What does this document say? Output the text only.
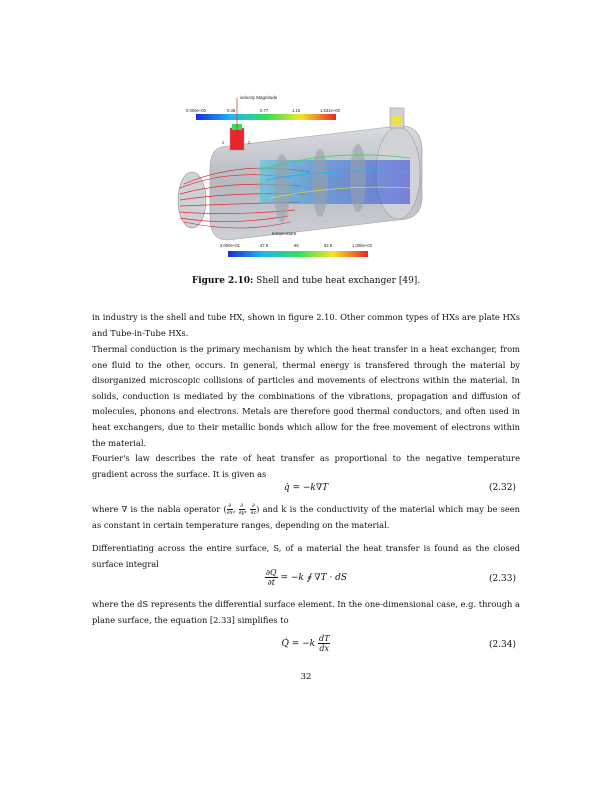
velocity Magnitude
0.000e+00	0.38	0.77	1.15	1.531e+00
x	z
temperature
3.000e+01	47.5	65	82.5	1.000e+02
Figure 2.10: Shell and tube heat exchanger [49].

in industry is the shell and tube HX, shown in figure 2.10. Other common types of HXs are plate HXs and Tube-in-Tube HXs.

Thermal conduction is the primary mechanism by which the heat transfer in a heat exchanger, from one fluid to the other, occurs. In general, thermal energy is transfered through the material by disorganized microscopic collisions of particles and movements of electrons within the material. In solids, conduction is mediated by the combinations of the vibrations, propagation and diffusion of molecules, phonons and electrons. Metals are therefore good thermal conductors, and often used in heat exchangers, due to their metallic bonds which allow for the free movement of electrons within the material.

Fourier's law describes the rate of heat transfer as proportional to the negative temperature gradient across the surface. It is given as

q̇ = −k∇T	(2.32)

where ∇ is the nabla operator ( $\frac{\partial}{\partial x}$ , $\frac{\partial}{\partial y}$ , $\frac{\partial}{\partial z}$ ) and k is the conductivity of the material which may be seen as constant in certain temperature ranges, depending on the material.

Differentiating across the entire surface, S, of a material the heat transfer is found as the closed surface integral

$\frac{\partial Q}{\partial t} = -k$ ∮ ∇T · dS	(2.33)

where the dS represents the differential surface element. In the one-dimensional case, e.g. through a plane surface, the equation [2.33] simplifies to

Q̇ = $-k \frac{dT}{dx}$	(2.34)
32
